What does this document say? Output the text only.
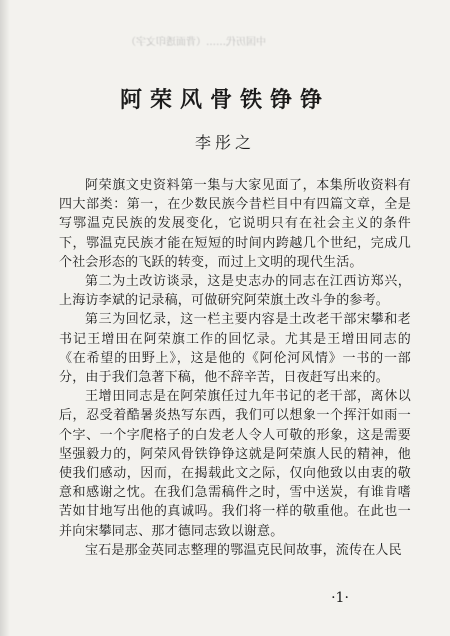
中国历代……（背面透印文字）
阿荣风骨铁铮铮
李彤之

阿荣旗文史资料第一集与大家见面了，本集所收资料有四大部类：第一，在少数民族今昔栏目中有四篇文章，全是写鄂温克民族的发展变化，它说明只有在社会主义的条件下，鄂温克民族才能在短短的时间内跨越几个世纪，完成几个社会形态的飞跃的转变，而过上文明的现代生活。

第二为土改访谈录，这是史志办的同志在江西访郑兴，上海访李斌的记录稿，可做研究阿荣旗土改斗争的参考。

第三为回忆录，这一栏主要内容是土改老干部宋攀和老书记王增田在阿荣旗工作的回忆录。尤其是王增田同志的《在希望的田野上》，这是他的《阿伦河风情》一书的一部分，由于我们急著下稿，他不辞辛苦，日夜赶写出来的。

王增田同志是在阿荣旗任过九年书记的老干部，离休以后，忍受着酷暑炎热写东西，我们可以想象一个挥汗如雨一个字、一个字爬格子的白发老人令人可敬的形象，这是需要坚强毅力的，阿荣风骨铁铮铮这就是阿荣旗人民的精神，他使我们感动，因而，在揭载此文之际，仅向他致以由衷的敬意和感谢之忱。在我们急需稿件之时，雪中送炭，有谁肯嗜苦如甘地写出他的真诚吗。我们将一样的敬重他。在此也一并向宋攀同志、那才德同志致以谢意。

宝石是那金英同志整理的鄂温克民间故事，流传在人民

·1·
